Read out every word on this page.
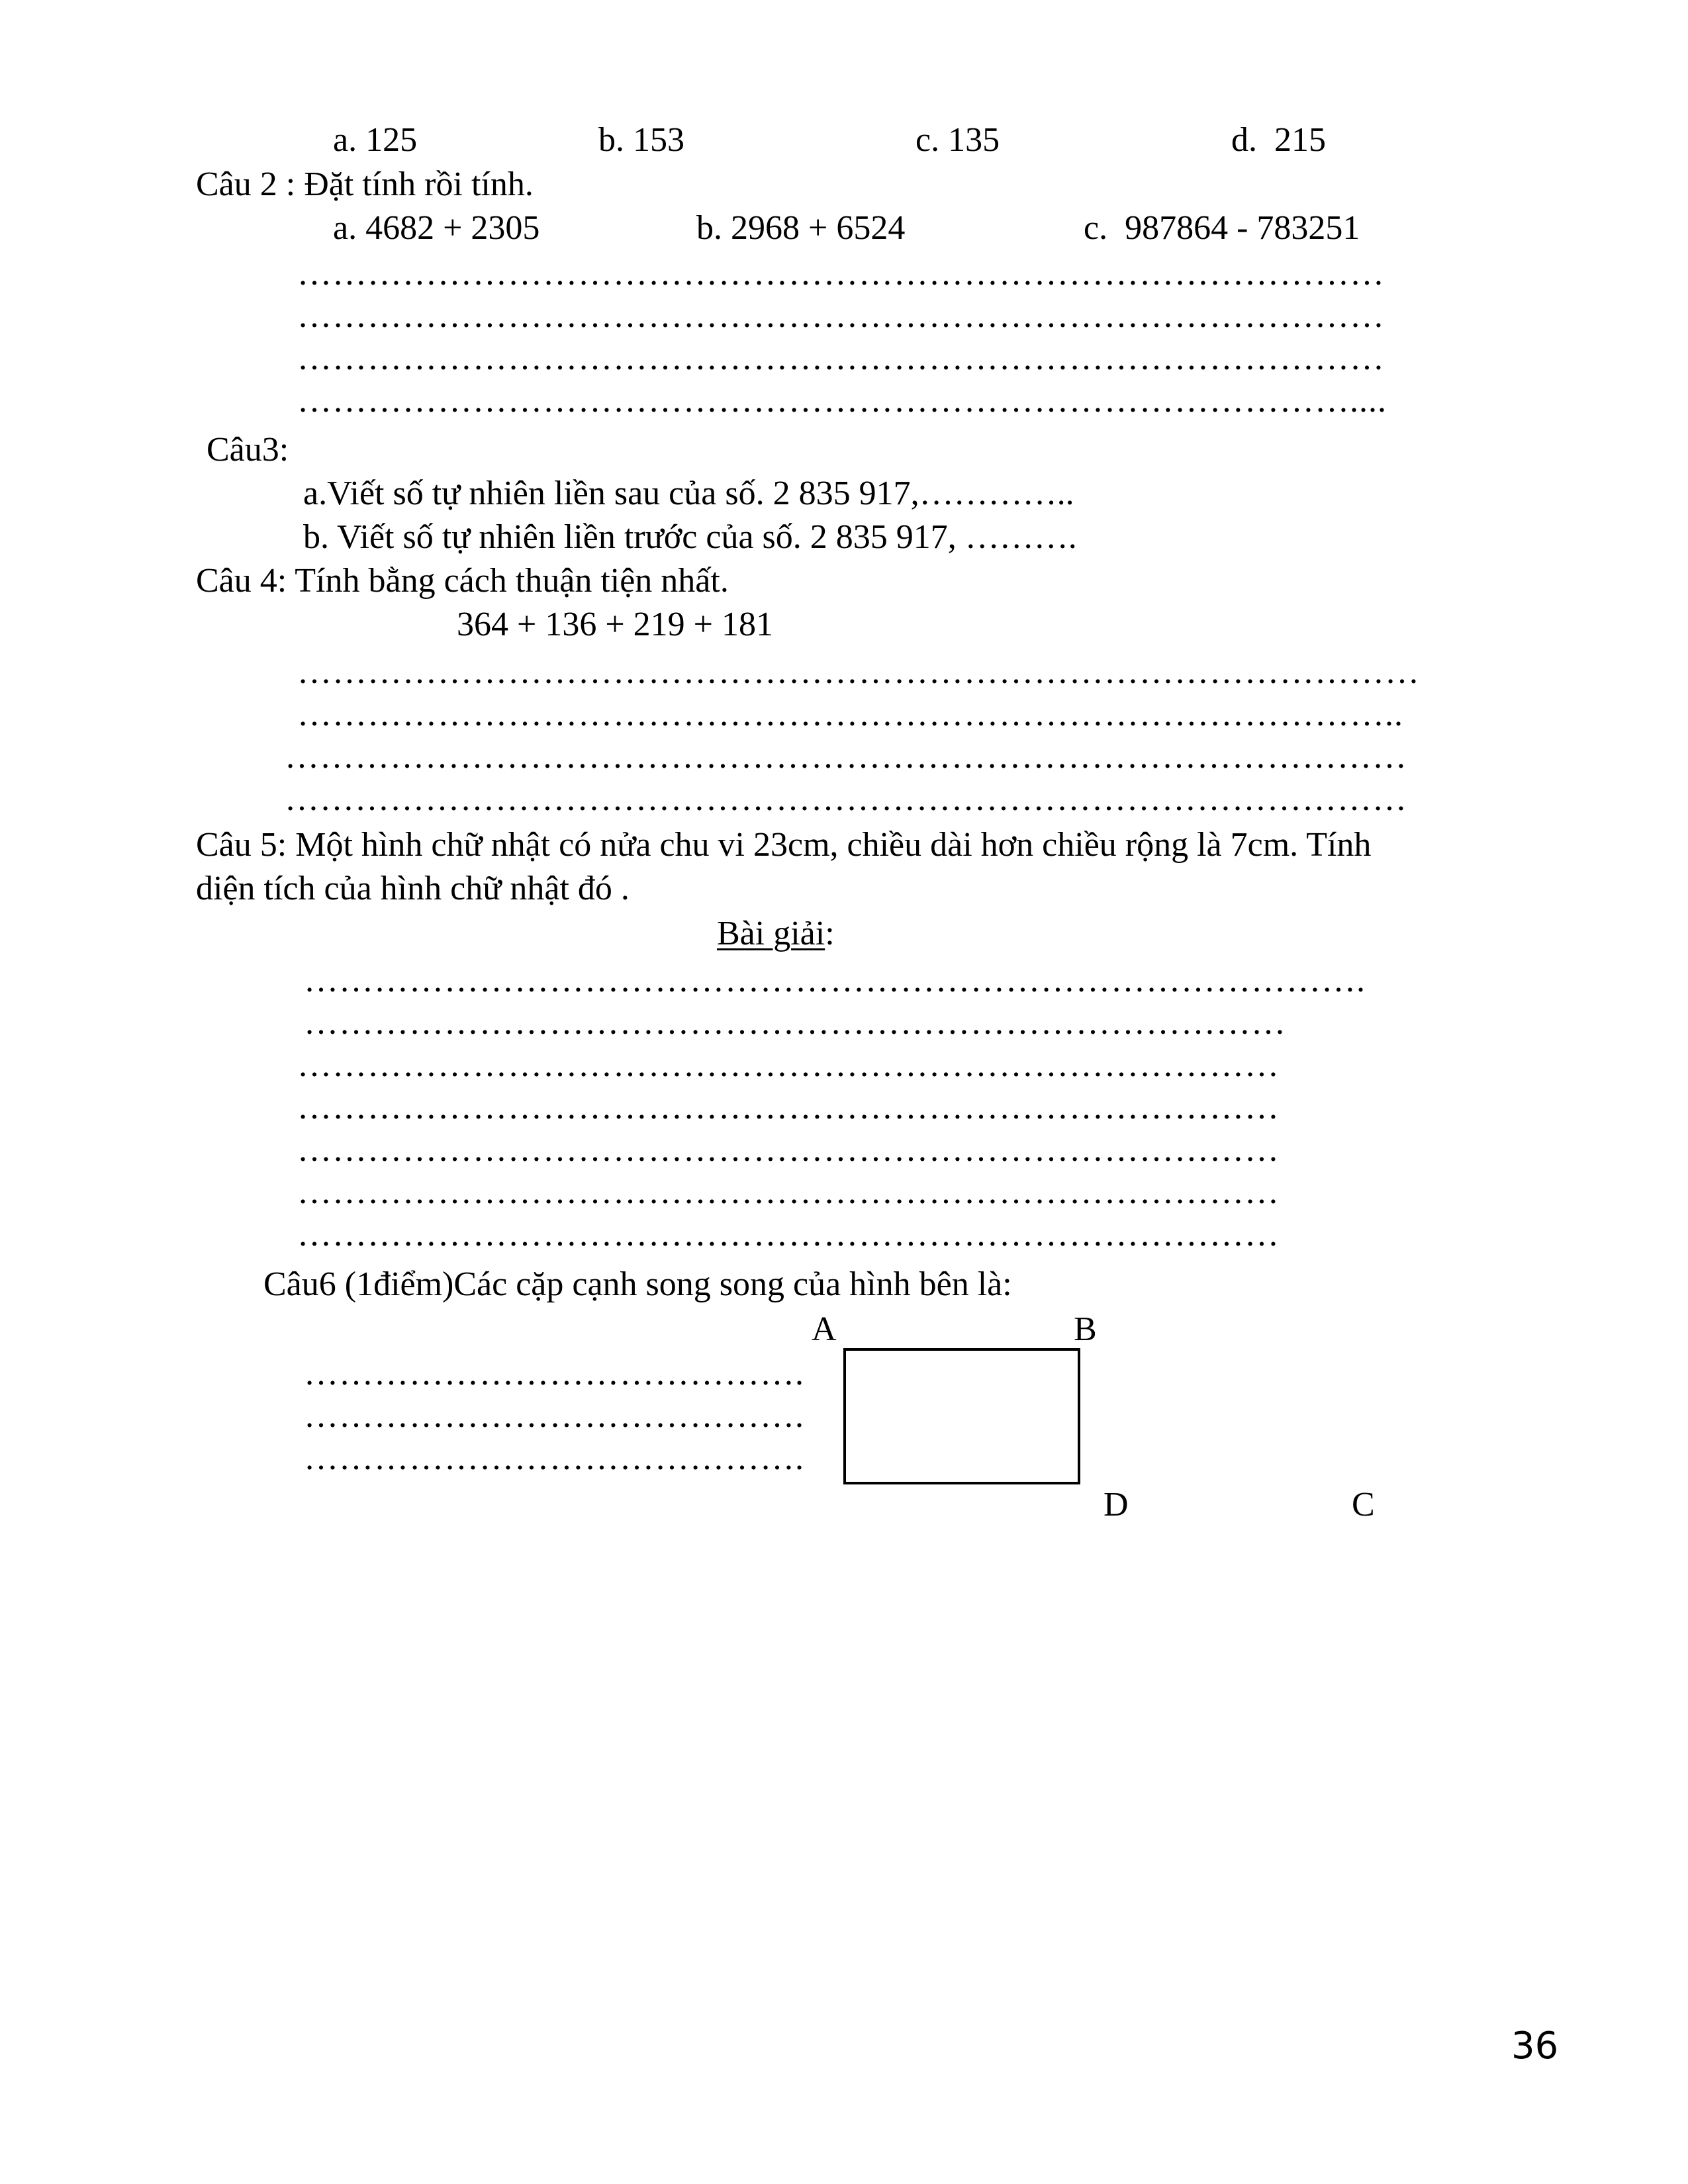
a. 125	b. 153	c. 135	d.  215
Câu 2 : Đặt tính rồi tính.
a. 4682 + 2305	b. 2968 + 6524	c.  987864 - 783251
…………………………………………………………………………………
…………………………………………………………………………………
…………………………………………………………………………………
………………………………………………………………………………....
Câu3:
a.Viết số tự nhiên liền sau của số. 2 835 917,…………..
b. Viết số tự nhiên liền trước của số. 2 835 917, ……….
Câu 4: Tính bằng cách thuận tiện nhất.
364 + 136 + 219 + 181
……………………………………………………………………………………
…………………………………………………………………………………..
……………………………………………………………………………………
……………………………………………………………………………………
Câu 5: Một hình chữ nhật có nửa chu vi 23cm, chiều dài hơn chiều rộng là 7cm. Tính
diện tích của hình chữ nhật đó .
Bài giải:
……………………………………………………………………………….
…………………………………………………………………………
…………………………………………………………………………
…………………………………………………………………………
…………………………………………………………………………
…………………………………………………………………………
…………………………………………………………………………
Câu6 (1điểm)Các cặp cạnh song song của hình bên là:
A	B
…………………………………….
…………………………………….
…………………………………….
D	C
36
